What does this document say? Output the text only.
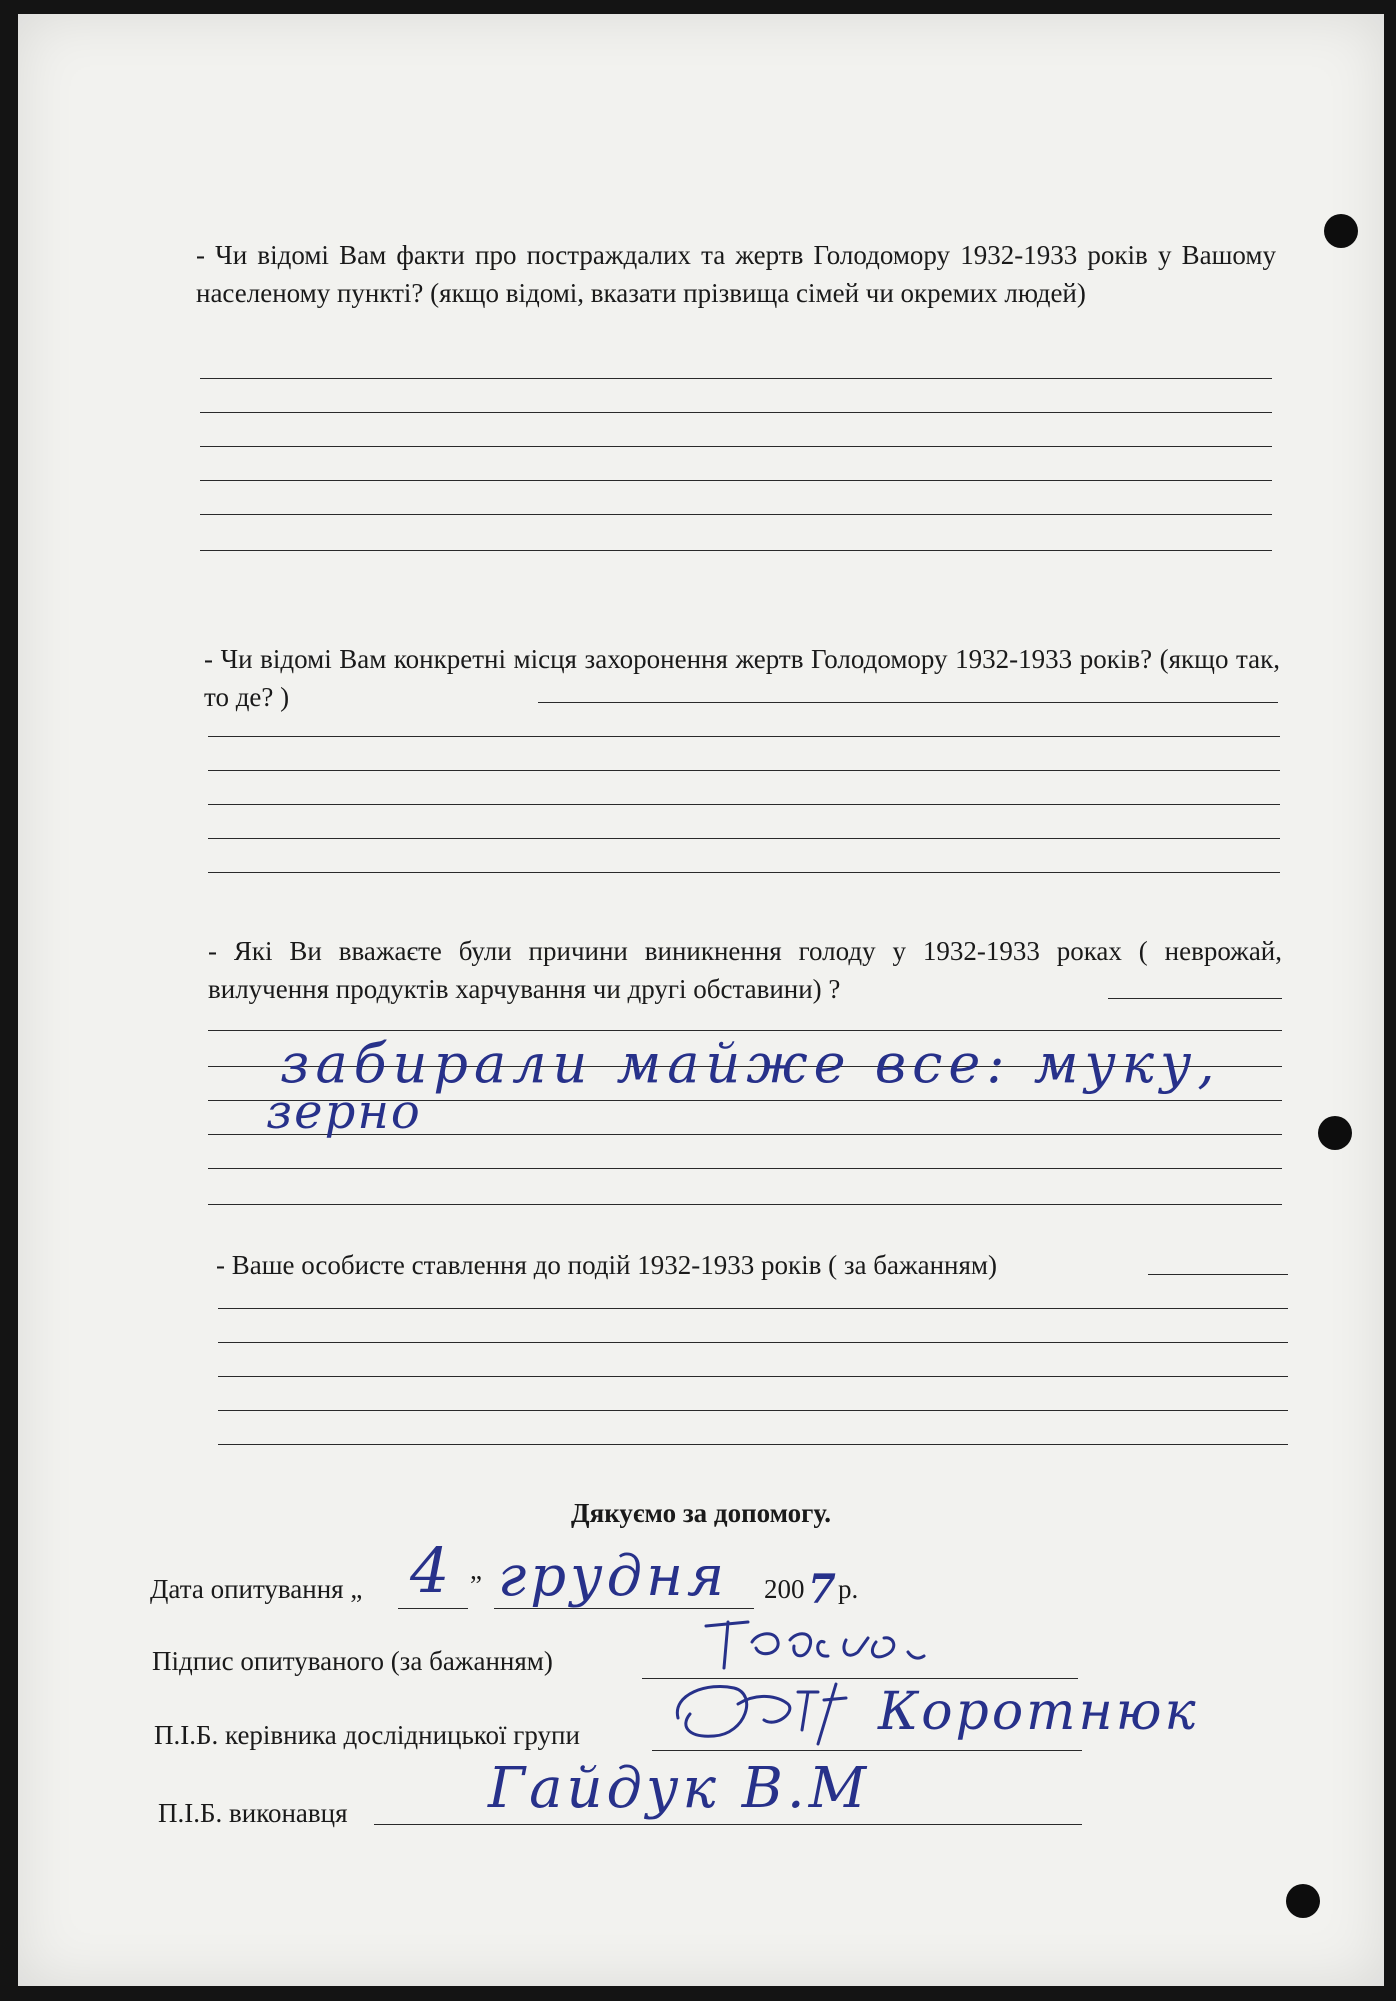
- Чи відомі Вам факти про постраждалих та жертв Голодомору 1932-1933 років у Вашому населеному пункті? (якщо відомі, вказати прізвища сімей чи окремих людей)
- Чи відомі Вам конкретні місця захоронення жертв Голодомору 1932-1933 років? (якщо так, то де? )
- Які Ви вважаєте були причини виникнення голоду у 1932-1933 роках ( неврожай, вилучення продуктів харчування чи другі обставини) ?
забирали майже все: муку,
зерно
- Ваше особисте ставлення до подій 1932-1933 років ( за бажанням)
Дякуємо за допомогу.
Дата опитування „ 4 ” грудня 200 7 р.
Підпис опитуваного (за бажанням)
П.І.Б. керівника дослідницької групи	Коротнюк
П.І.Б. виконавця	Гайдук В.М
